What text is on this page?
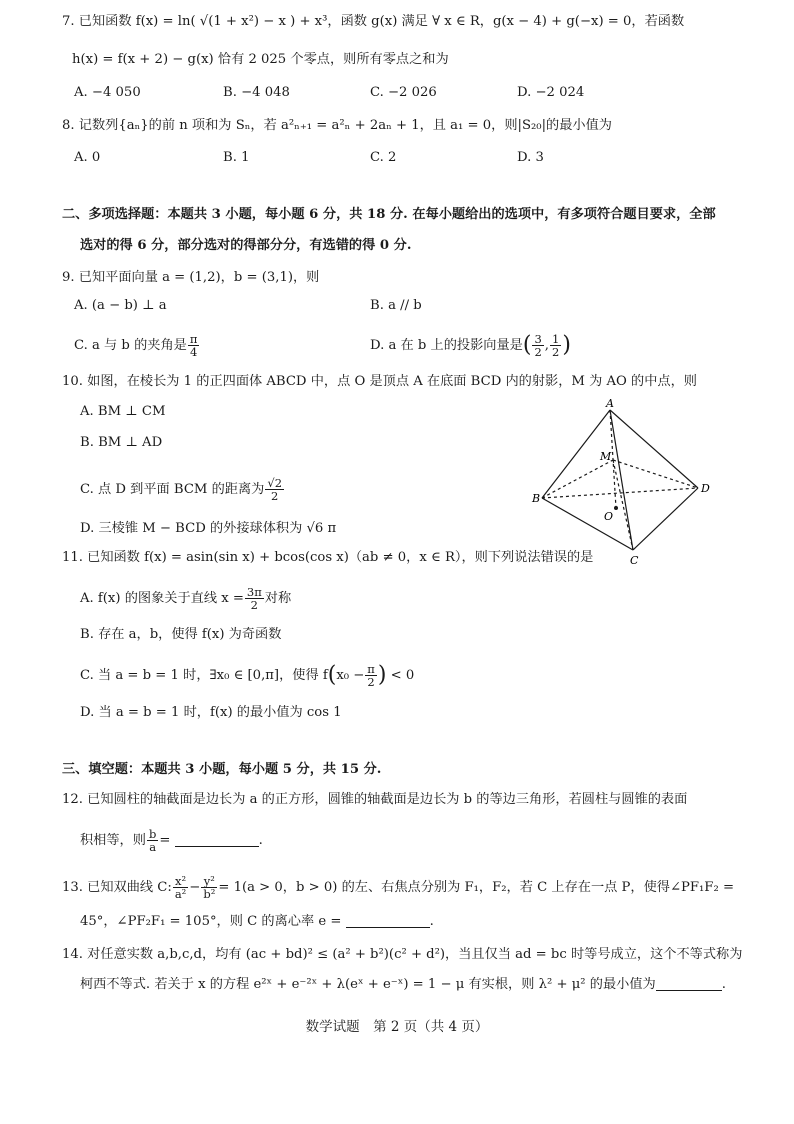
7. 已知函数 f(x) = ln( √(1 + x²) − x ) + x³，函数 g(x) 满足 ∀ x ∈ R，g(x − 4) + g(−x) = 0，若函数
h(x) = f(x + 2) − g(x) 恰有 2 025 个零点，则所有零点之和为
A. −4 050	B. −4 048	C. −2 026	D. −2 024
8. 记数列{aₙ}的前 n 项和为 Sₙ，若 a²ₙ₊₁ = a²ₙ + 2aₙ + 1，且 a₁ = 0，则|S₂₀|的最小值为
A. 0	B. 1	C. 2	D. 3
二、多项选择题：本题共 3 小题，每小题 6 分，共 18 分. 在每小题给出的选项中，有多项符合题目要求，全部
选对的得 6 分，部分选对的得部分分，有选错的得 0 分.
9. 已知平面向量 a = (1,2)，b = (3,1)，则
A. (a − b) ⊥ a	B. a // b
C. a 与 b 的夹角是 $\frac{\pi}{4}$	D. a 在 b 上的投影向量是( $\frac{3}{2}$ , $\frac{1}{2}$ )
10. 如图，在棱长为 1 的正四面体 ABCD 中，点 O 是顶点 A 在底面 BCD 内的射影，M 为 AO 的中点，则
A. BM ⊥ CM
B. BM ⊥ AD
C. 点 D 到平面 BCM 的距离为 $\frac{√2}{2}$
D. 三棱锥 M − BCD 的外接球体积为 √6 π
A
B
C
D
M
O
11. 已知函数 f(x) = asin(sin x) + bcos(cos x)（ab ≠ 0，x ∈ R），则下列说法错误的是
A. f(x) 的图象关于直线 $x = \frac{3\pi}{2}$ 对称
B. 存在 a，b，使得 f(x) 为奇函数
C. 当 a = b = 1 时，∃x₀ ∈ [0,π]，使得 $f(x_0 - \frac{\pi}{2}$ ) < 0
D. 当 a = b = 1 时，f(x) 的最小值为 cos 1
三、填空题：本题共 3 小题，每小题 5 分，共 15 分.
12. 已知圆柱的轴截面是边长为 a 的正方形，圆锥的轴截面是边长为 b 的等边三角形，若圆柱与圆锥的表面
积相等，则 $\frac{b}{a}$ =	.
13. 已知双曲线 C: $\frac{\text{x²}}{\text{a²}} - \frac{\text{y²}}{\text{b²}} = 1(a > 0$，b > 0) 的左、右焦点分别为 F₁，F₂，若 C 上存在一点 P，使得∠PF₁F₂ =
45°，∠PF₂F₁ = 105°，则 C 的离心率 e =	.
14. 对任意实数 a,b,c,d，均有 (ac + bd)² ≤ (a² + b²)(c² + d²)，当且仅当 ad = bc 时等号成立，这个不等式称为
柯西不等式. 若关于 x 的方程 e²ˣ + e⁻²ˣ + λ(eˣ + e⁻ˣ) = 1 − μ 有实根，则 λ² + μ² 的最小值为	.
数学试题　第 2 页（共 4 页）
